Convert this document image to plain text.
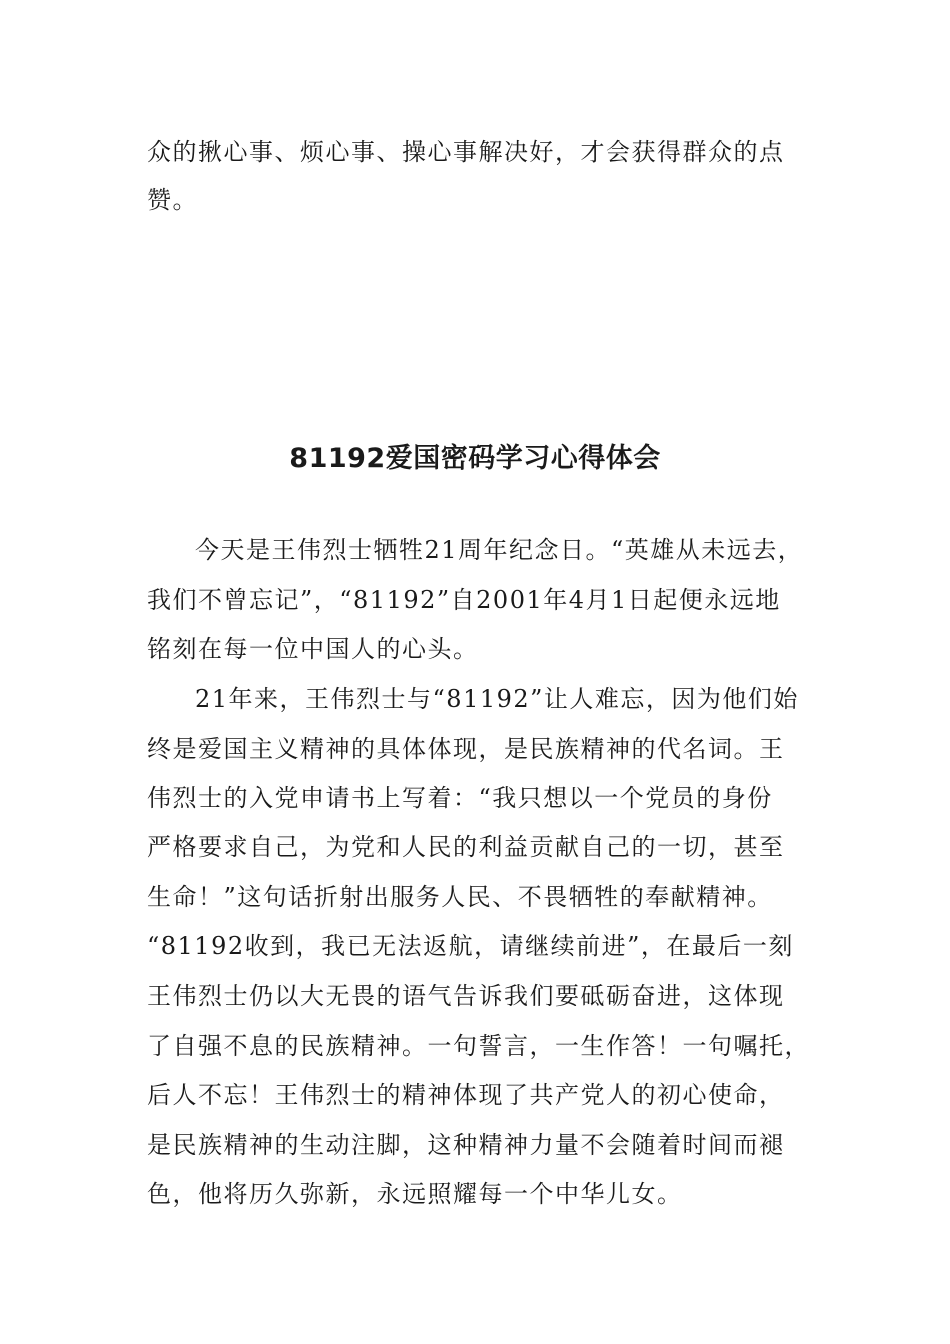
众的揪心事、烦心事、操心事解决好，才会获得群众的点
赞。
81192爱国密码学习心得体会
今天是王伟烈士牺牲21周年纪念日。“英雄从未远去，
我们不曾忘记”，“81192”自2001年4月1日起便永远地
铭刻在每一位中国人的心头。
21年来，王伟烈士与“81192”让人难忘，因为他们始
终是爱国主义精神的具体体现，是民族精神的代名词。王
伟烈士的入党申请书上写着：“我只想以一个党员的身份
严格要求自己，为党和人民的利益贡献自己的一切，甚至
生命！”这句话折射出服务人民、不畏牺牲的奉献精神。
“81192收到，我已无法返航，请继续前进”，在最后一刻
王伟烈士仍以大无畏的语气告诉我们要砥砺奋进，这体现
了自强不息的民族精神。一句誓言，一生作答！一句嘱托，
后人不忘！王伟烈士的精神体现了共产党人的初心使命，
是民族精神的生动注脚，这种精神力量不会随着时间而褪
色，他将历久弥新，永远照耀每一个中华儿女。
